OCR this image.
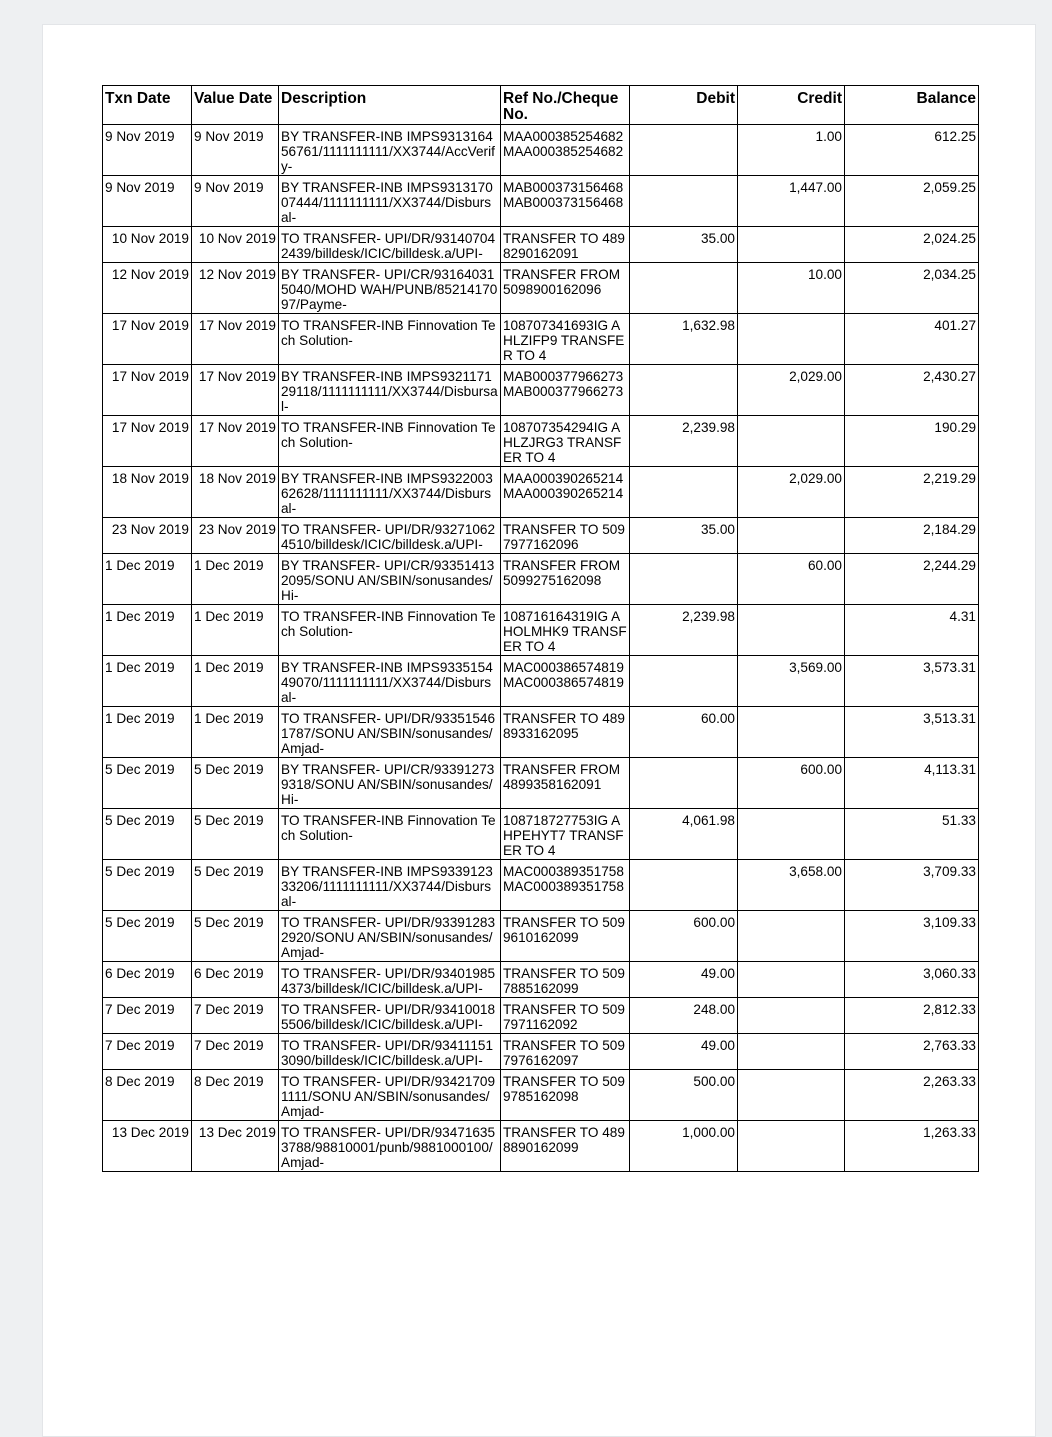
Txn Date	Value Date	Description	Ref No./Cheque No.	Debit	Credit	Balance
9 Nov 2019	9 Nov 2019	BY TRANSFER-INB IMPS931316456761/1111111111/XX3744/AccVerify-	MAA000385254682 MAA000385254682		1.00	612.25
9 Nov 2019	9 Nov 2019	BY TRANSFER-INB IMPS931317007444/1111111111/XX3744/Disbursal-	MAB000373156468 MAB000373156468		1,447.00	2,059.25
10 Nov 2019	10 Nov 2019	TO TRANSFER- UPI/DR/931407042439/billdesk/ICIC/billdesk.a/UPI-	TRANSFER TO 4898290162091	35.00		2,024.25
12 Nov 2019	12 Nov 2019	BY TRANSFER- UPI/CR/931640315040/MOHD WAH/PUNB/8521417097/Payme-	TRANSFER FROM 5098900162096		10.00	2,034.25
17 Nov 2019	17 Nov 2019	TO TRANSFER-INB Finnovation Tech Solution-	108707341693IG AHLZIFP9 TRANSFER TO 4	1,632.98		401.27
17 Nov 2019	17 Nov 2019	BY TRANSFER-INB IMPS932117129118/1111111111/XX3744/Disbursal-	MAB000377966273 MAB000377966273		2,029.00	2,430.27
17 Nov 2019	17 Nov 2019	TO TRANSFER-INB Finnovation Tech Solution-	108707354294IG AHLZJRG3 TRANSFER TO 4	2,239.98		190.29
18 Nov 2019	18 Nov 2019	BY TRANSFER-INB IMPS932200362628/1111111111/XX3744/Disbursal-	MAA000390265214 MAA000390265214		2,029.00	2,219.29
23 Nov 2019	23 Nov 2019	TO TRANSFER- UPI/DR/932710624510/billdesk/ICIC/billdesk.a/UPI-	TRANSFER TO 5097977162096	35.00		2,184.29
1 Dec 2019	1 Dec 2019	BY TRANSFER- UPI/CR/933514132095/SONU AN/SBIN/sonusandes/Hi-	TRANSFER FROM 5099275162098		60.00	2,244.29
1 Dec 2019	1 Dec 2019	TO TRANSFER-INB Finnovation Tech Solution-	108716164319IG AHOLMHK9 TRANSFER TO 4	2,239.98		4.31
1 Dec 2019	1 Dec 2019	BY TRANSFER-INB IMPS933515449070/1111111111/XX3744/Disbursal-	MAC000386574819 MAC000386574819		3,569.00	3,573.31
1 Dec 2019	1 Dec 2019	TO TRANSFER- UPI/DR/933515461787/SONU AN/SBIN/sonusandes/Amjad-	TRANSFER TO 4898933162095	60.00		3,513.31
5 Dec 2019	5 Dec 2019	BY TRANSFER- UPI/CR/933912739318/SONU AN/SBIN/sonusandes/Hi-	TRANSFER FROM 4899358162091		600.00	4,113.31
5 Dec 2019	5 Dec 2019	TO TRANSFER-INB Finnovation Tech Solution-	108718727753IG AHPEHYT7 TRANSFER TO 4	4,061.98		51.33
5 Dec 2019	5 Dec 2019	BY TRANSFER-INB IMPS933912333206/1111111111/XX3744/Disbursal-	MAC000389351758 MAC000389351758		3,658.00	3,709.33
5 Dec 2019	5 Dec 2019	TO TRANSFER- UPI/DR/933912832920/SONU AN/SBIN/sonusandes/Amjad-	TRANSFER TO 5099610162099	600.00		3,109.33
6 Dec 2019	6 Dec 2019	TO TRANSFER- UPI/DR/934019854373/billdesk/ICIC/billdesk.a/UPI-	TRANSFER TO 5097885162099	49.00		3,060.33
7 Dec 2019	7 Dec 2019	TO TRANSFER- UPI/DR/934100185506/billdesk/ICIC/billdesk.a/UPI-	TRANSFER TO 5097971162092	248.00		2,812.33
7 Dec 2019	7 Dec 2019	TO TRANSFER- UPI/DR/934111513090/billdesk/ICIC/billdesk.a/UPI-	TRANSFER TO 5097976162097	49.00		2,763.33
8 Dec 2019	8 Dec 2019	TO TRANSFER- UPI/DR/934217091111/SONU AN/SBIN/sonusandes/Amjad-	TRANSFER TO 5099785162098	500.00		2,263.33
13 Dec 2019	13 Dec 2019	TO TRANSFER- UPI/DR/934716353788/98810001/punb/9881000100/Amjad-	TRANSFER TO 4898890162099	1,000.00		1,263.33
